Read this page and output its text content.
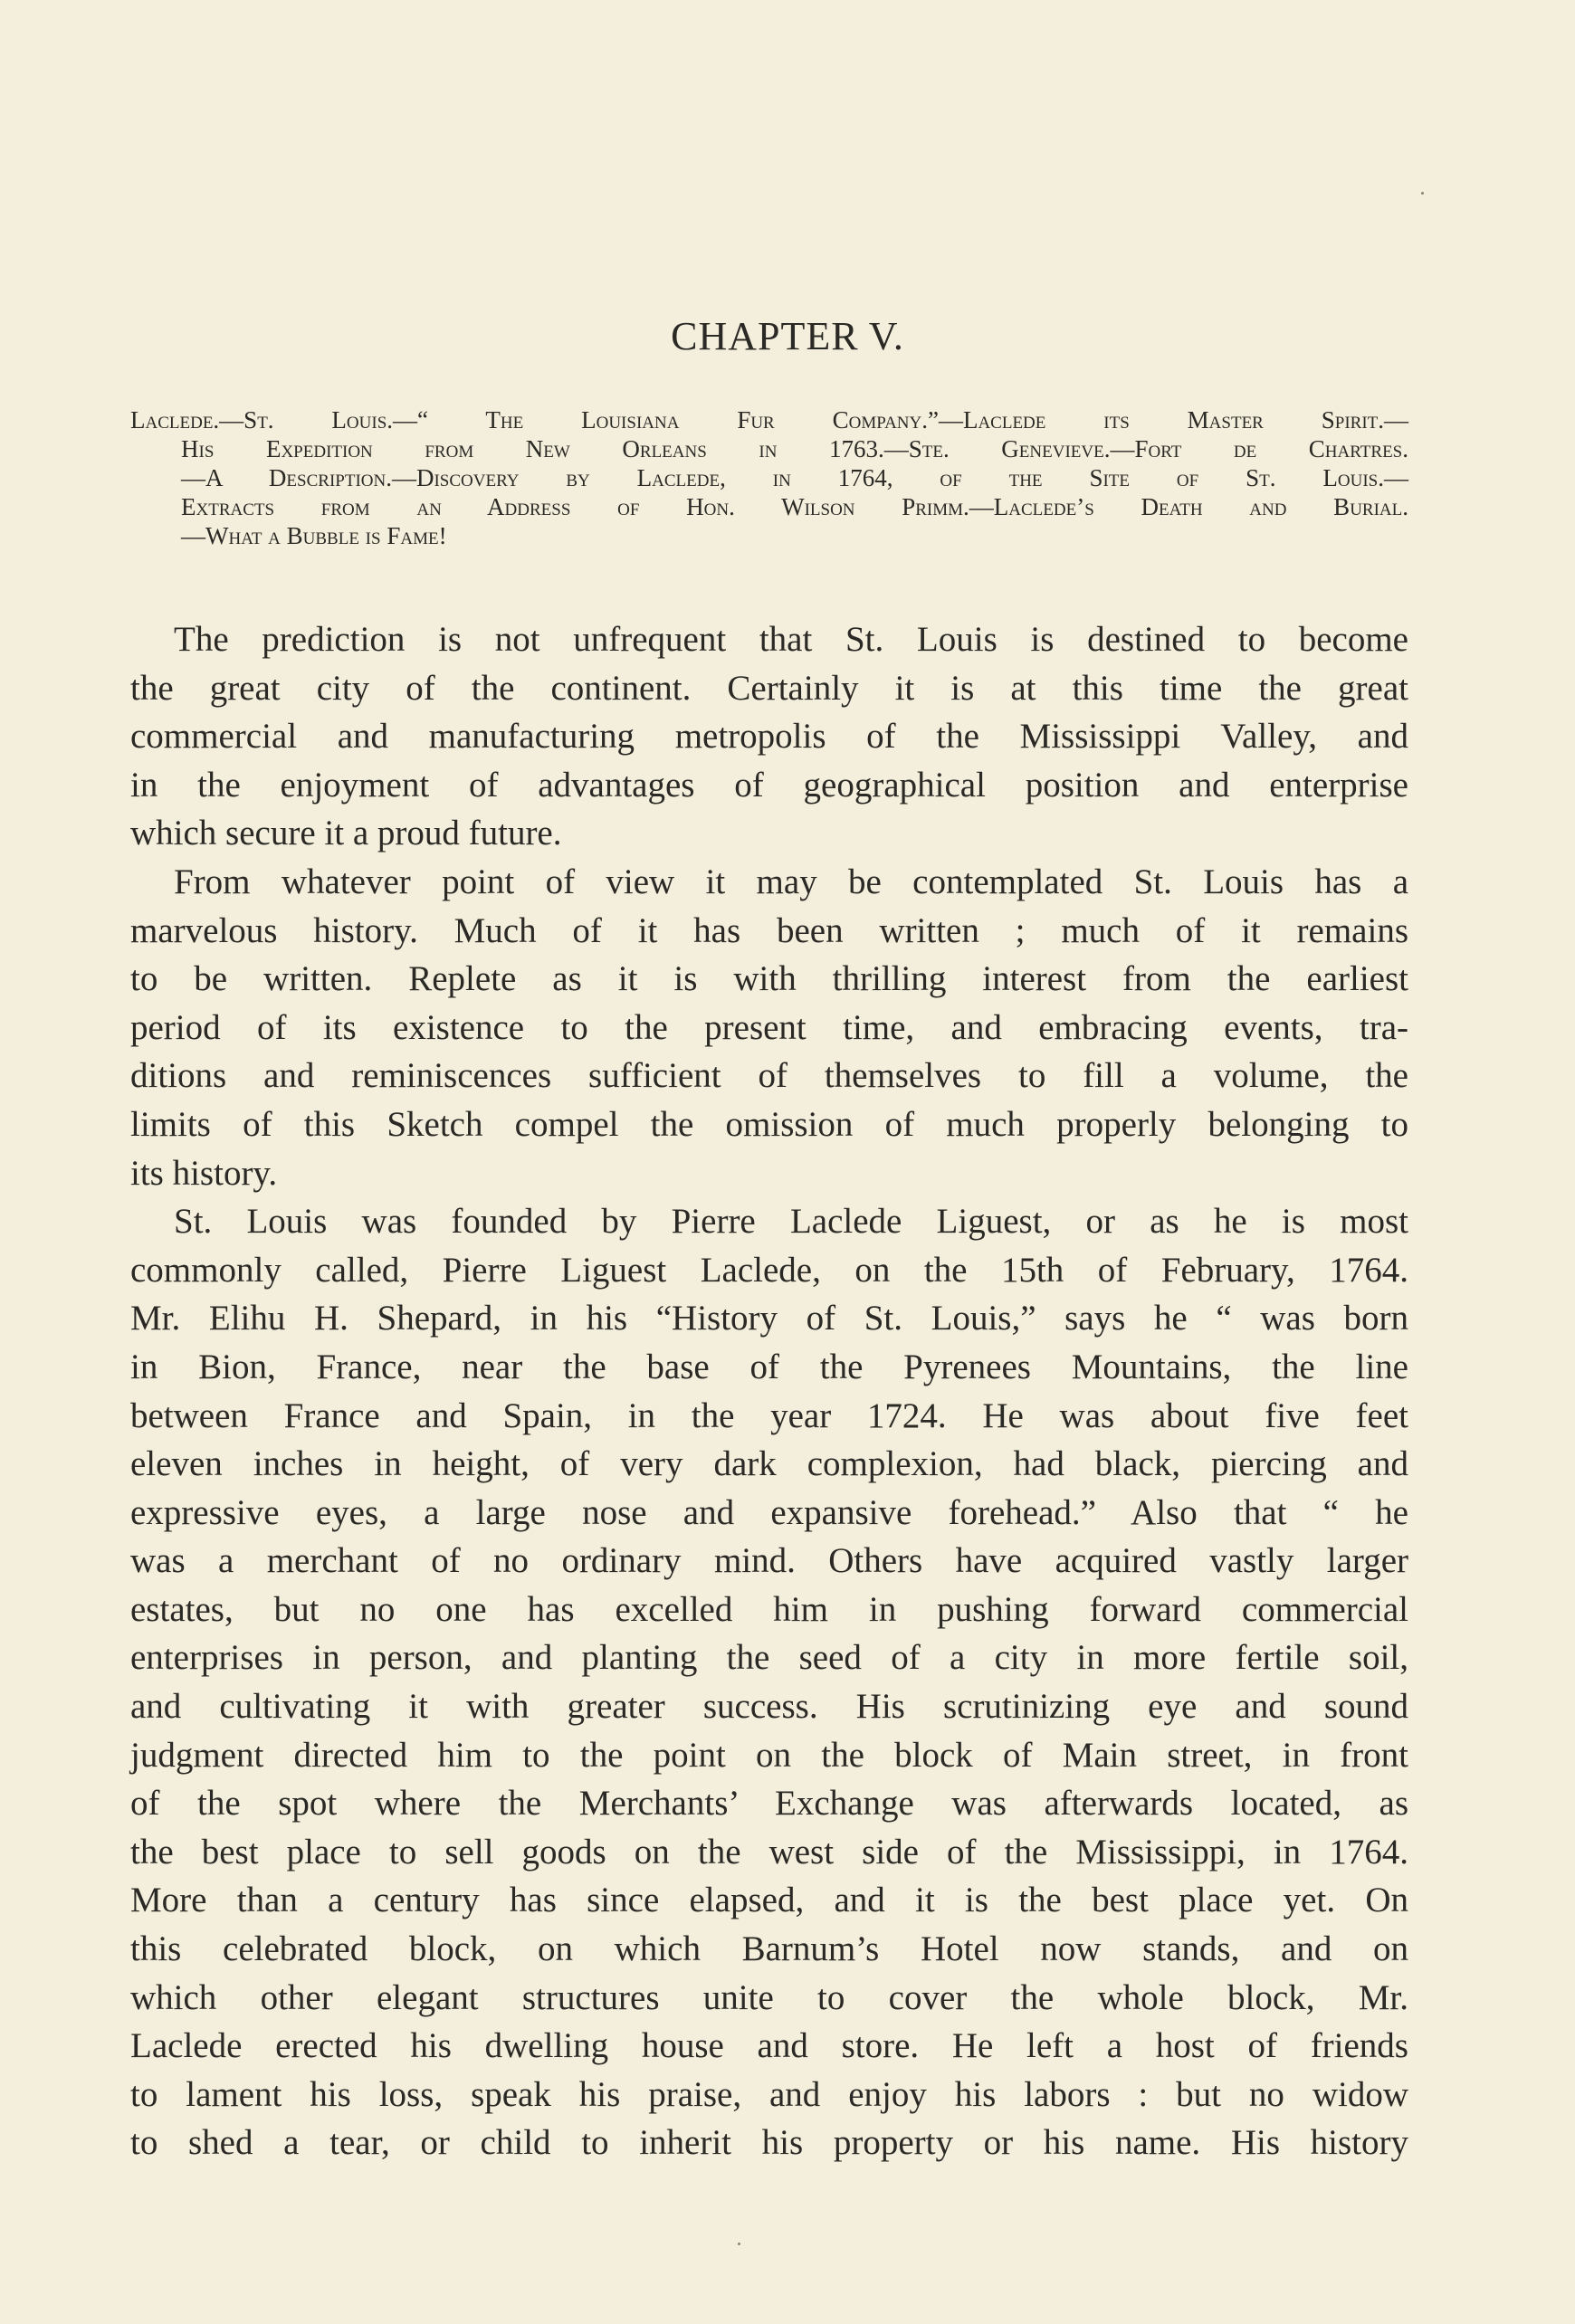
CHAPTER V.
Laclede.—St. Louis.—“ The Louisiana Fur Company.”—Laclede its Master Spirit.—
His Expedition from New Orleans in 1763.—Ste. Genevieve.—Fort de Chartres.
—A Description.—Discovery by Laclede, in 1764, of the Site of St. Louis.—
Extracts from an Address of Hon. Wilson Primm.—Laclede’s Death and Burial.
—What a Bubble is Fame!
The prediction is not unfrequent that St. Louis is destined to become
the great city of the continent. Certainly it is at this time the great
commercial and manufacturing metropolis of the Mississippi Valley, and
in the enjoyment of advantages of geographical position and enterprise
which secure it a proud future.
From whatever point of view it may be contemplated St. Louis has a
marvelous history. Much of it has been written ; much of it remains
to be written. Replete as it is with thrilling interest from the earliest
period of its existence to the present time, and embracing events, tra-
ditions and reminiscences sufficient of themselves to fill a volume, the
limits of this Sketch compel the omission of much properly belonging to
its history.
St. Louis was founded by Pierre Laclede Liguest, or as he is most
commonly called, Pierre Liguest Laclede, on the 15th of February, 1764.
Mr. Elihu H. Shepard, in his “History of St. Louis,” says he “ was born
in Bion, France, near the base of the Pyrenees Mountains, the line
between France and Spain, in the year 1724. He was about five feet
eleven inches in height, of very dark complexion, had black, piercing and
expressive eyes, a large nose and expansive forehead.” Also that “ he
was a merchant of no ordinary mind. Others have acquired vastly larger
estates, but no one has excelled him in pushing forward commercial
enterprises in person, and planting the seed of a city in more fertile soil,
and cultivating it with greater success. His scrutinizing eye and sound
judgment directed him to the point on the block of Main street, in front
of the spot where the Merchants’ Exchange was afterwards located, as
the best place to sell goods on the west side of the Mississippi, in 1764.
More than a century has since elapsed, and it is the best place yet. On
this celebrated block, on which Barnum’s Hotel now stands, and on
which other elegant structures unite to cover the whole block, Mr.
Laclede erected his dwelling house and store. He left a host of friends
to lament his loss, speak his praise, and enjoy his labors : but no widow
to shed a tear, or child to inherit his property or his name. His history
